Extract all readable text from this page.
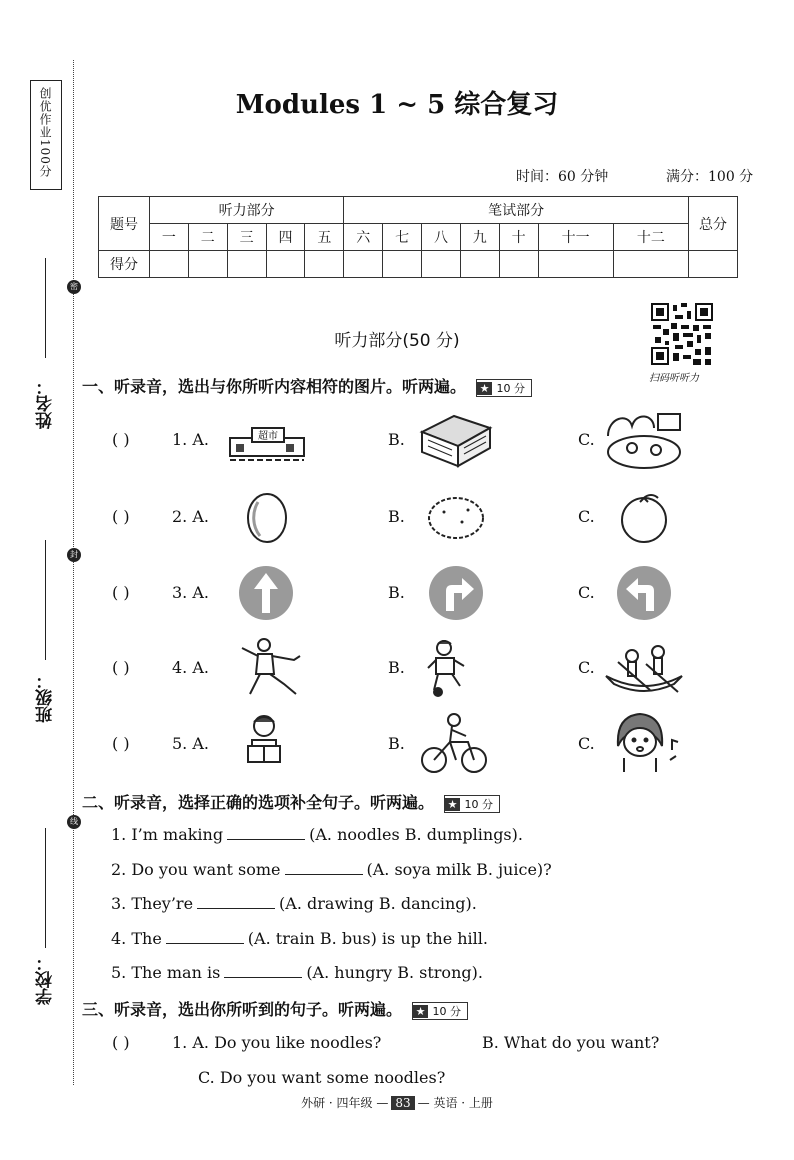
创优作业100分
密
封
线
姓名：
班级：
学校：
Modules 1 ~ 5 综合复习
时间：60 分钟	满分：100 分
题号	听力部分					笔试部分							总分
	一	二	三	四	五	六	七	八	九	十	十一	十二	
得分													
听力部分(50 分)
扫码听听力
一、听录音，选出与你所听内容相符的图片。听两遍。 ★ 10 分
( )	1. A.	B.	C.
超市
( )	2. A.	B.	C.
( )	3. A.	B.	C.
( )	4. A.	B.	C.
( )	5. A.	B.	C.
二、听录音，选择正确的选项补全句子。听两遍。 ★ 10 分
1. I’m making	(A. noodles B. dumplings).
2. Do you want some	(A. soya milk B. juice)?
3. They’re	(A. drawing B. dancing).
4. The	(A. train B. bus) is up the hill.
5. The man is	(A. hungry B. strong).
三、听录音，选出你所听到的句子。听两遍。 ★ 10 分
( )	1. A. Do you like noodles?	B. What do you want?
C. Do you want some noodles?
外研 · 四年级 — 83 — 英语 · 上册
